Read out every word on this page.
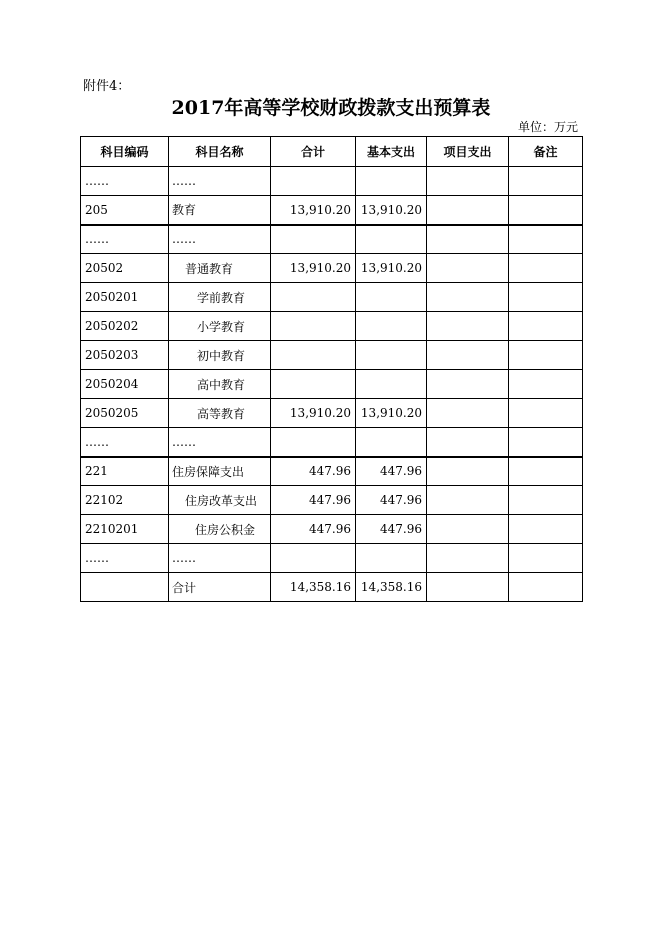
附件4：
2017年高等学校财政拨款支出预算表
单位：万元
科目编码	科目名称	合计	基本支出	项目支出	备注
……	……				
205	教育	13,910.20	13,910.20		
……	……				
20502	普通教育	13,910.20	13,910.20		
2050201	学前教育				
2050202	小学教育				
2050203	初中教育				
2050204	高中教育				
2050205	高等教育	13,910.20	13,910.20		
……	……				
221	住房保障支出	447.96	447.96		
22102	住房改革支出	447.96	447.96		
2210201	住房公积金	447.96	447.96		
……	……				
	合计	14,358.16	14,358.16		
